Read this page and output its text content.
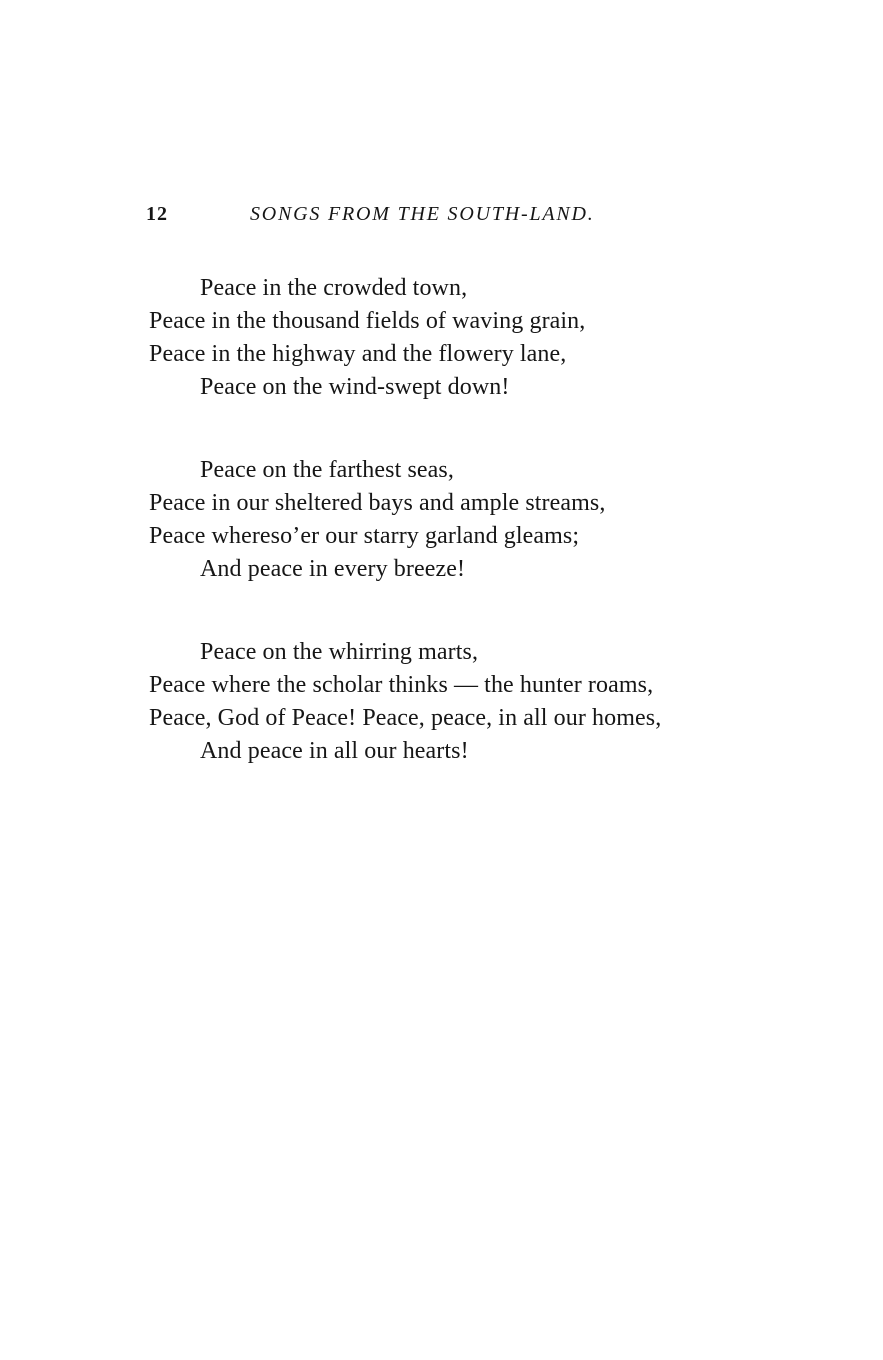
12	SONGS FROM THE SOUTH-LAND.
Peace in the crowded town,
Peace in the thousand fields of waving grain,
Peace in the highway and the flowery lane,
Peace on the wind-swept down!
Peace on the farthest seas,
Peace in our sheltered bays and ample streams,
Peace whereso’er our starry garland gleams;
And peace in every breeze!
Peace on the whirring marts,
Peace where the scholar thinks — the hunter roams,
Peace, God of Peace! Peace, peace, in all our homes,
And peace in all our hearts!
